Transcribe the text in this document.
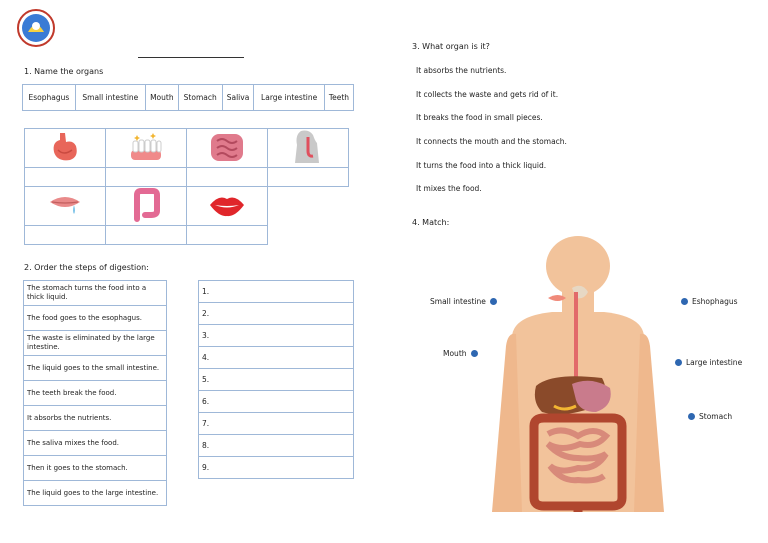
1. Name the organs
Esophagus	Small intestine	Mouth	Stomach	Saliva	Large intestine	Teeth

2. Order the steps of digestion:
The stomach turns the food into a thick liquid.
The food goes to the esophagus.
The waste is eliminated by the large intestine.
The liquid goes to the small intestine.
The teeth break the food.
It absorbs the nutrients.
The saliva mixes the food.
Then it goes to the stomach.
The liquid goes to the large intestine.
1.
2.
3.
4.
5.
6.
7.
8.
9.
3. What organ is it?
It absorbs the nutrients.
It collects the waste and gets rid of it.
It breaks the food in small pieces.
It connects the mouth and the stomach.
It turns the food into a thick liquid.
It mixes the food.
4. Match:
Small intestine
Mouth
Eshophagus
Large intestine
Stomach
